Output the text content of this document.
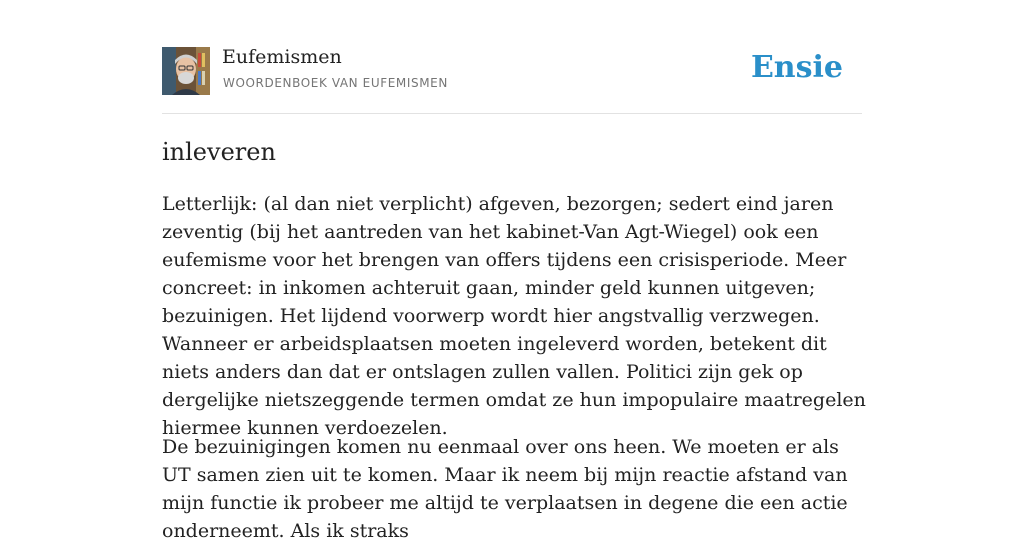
Eufemismen
WOORDENBOEK VAN EUFEMISMEN	Ensie
inleveren

Letterlijk: (al dan niet verplicht) afgeven, bezorgen; sedert eind jaren zeventig (bij het aantreden van het kabinet-Van Agt-Wiegel) ook een eufemisme voor het brengen van offers tijdens een crisisperiode. Meer concreet: in inkomen achteruit gaan, minder geld kunnen uitgeven; bezuinigen. Het lijdend voorwerp wordt hier angstvallig verzwegen. Wanneer er arbeidsplaatsen moeten ingeleverd worden, betekent dit niets anders dan dat er ontslagen zullen vallen. Politici zijn gek op dergelijke nietszeggende termen omdat ze hun impopulaire maatregelen hiermee kunnen verdoezelen.

De bezuinigingen komen nu eenmaal over ons heen. We moeten er als UT samen zien uit te komen. Maar ik neem bij mijn reactie afstand van mijn functie ik probeer me altijd te verplaatsen in degene die een actie onderneemt. Als ik straks
